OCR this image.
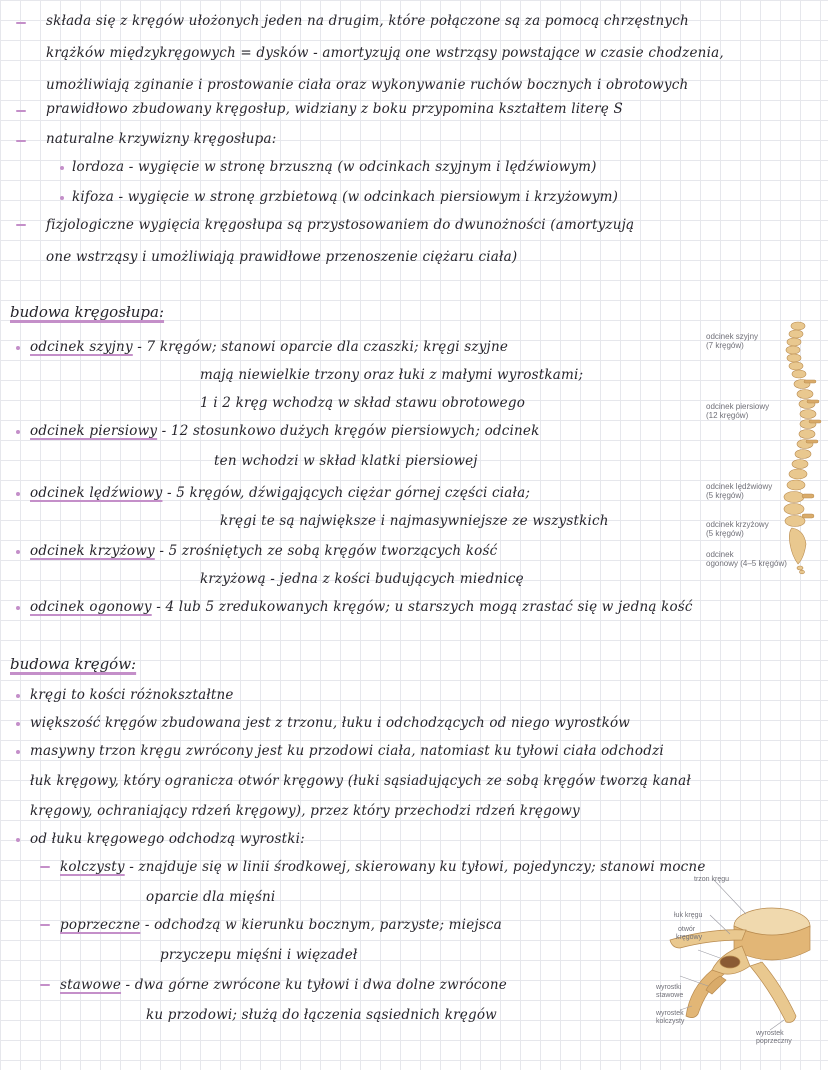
składa się z kręgów ułożonych jeden na drugim, które połączone są za pomocą chrzęstnych
krążków międzykręgowych = dysków - amortyzują one wstrząsy powstające w czasie chodzenia,
umożliwiają zginanie i prostowanie ciała oraz wykonywanie ruchów bocznych i obrotowych
prawidłowo zbudowany kręgosłup, widziany z boku przypomina kształtem literę S
naturalne krzywizny kręgosłupa:
lordoza - wygięcie w stronę brzuszną (w odcinkach szyjnym i lędźwiowym)
kifoza - wygięcie w stronę grzbietową (w odcinkach piersiowym i krzyżowym)
fizjologiczne wygięcia kręgosłupa są przystosowaniem do dwunożności (amortyzują
one wstrząsy i umożliwiają prawidłowe przenoszenie ciężaru ciała)
budowa kręgosłupa:
odcinek szyjny - 7 kręgów; stanowi oparcie dla czaszki; kręgi szyjne
mają niewielkie trzony oraz łuki z małymi wyrostkami;
1 i 2 kręg wchodzą w skład stawu obrotowego
odcinek piersiowy - 12 stosunkowo dużych kręgów piersiowych; odcinek
ten wchodzi w skład klatki piersiowej
odcinek lędźwiowy - 5 kręgów, dźwigających ciężar górnej części ciała;
kręgi te są największe i najmasywniejsze ze wszystkich
odcinek krzyżowy - 5 zrośniętych ze sobą kręgów tworzących kość
krzyżową - jedna z kości budujących miednicę
odcinek ogonowy - 4 lub 5 zredukowanych kręgów; u starszych mogą zrastać się w jedną kość
odcinek szyjny
(7 kręgów)
odcinek piersiowy
(12 kręgów)
odcinek lędźwiowy
(5 kręgów)
odcinek krzyżowy
(5 kręgów)
odcinek
ogonowy (4–5 kręgów)
budowa kręgów:
kręgi to kości różnokształtne
większość kręgów zbudowana jest z trzonu, łuku i odchodzących od niego wyrostków
masywny trzon kręgu zwrócony jest ku przodowi ciała, natomiast ku tyłowi ciała odchodzi
łuk kręgowy, który ogranicza otwór kręgowy (łuki sąsiadujących ze sobą kręgów tworzą kanał
kręgowy, ochraniający rdzeń kręgowy), przez który przechodzi rdzeń kręgowy
od łuku kręgowego odchodzą wyrostki:
kolczysty - znajduje się w linii środkowej, skierowany ku tyłowi, pojedynczy; stanowi mocne
oparcie dla mięśni
poprzeczne - odchodzą w kierunku bocznym, parzyste; miejsca
przyczepu mięśni i więzadeł
stawowe - dwa górne zwrócone ku tyłowi i dwa dolne zwrócone
ku przodowi; służą do łączenia sąsiednich kręgów
trzon kręgu
łuk kręgu
otwór
kręgowy
wyrostki
stawowe
wyrostek
kolczysty
wyrostek
poprzeczny
